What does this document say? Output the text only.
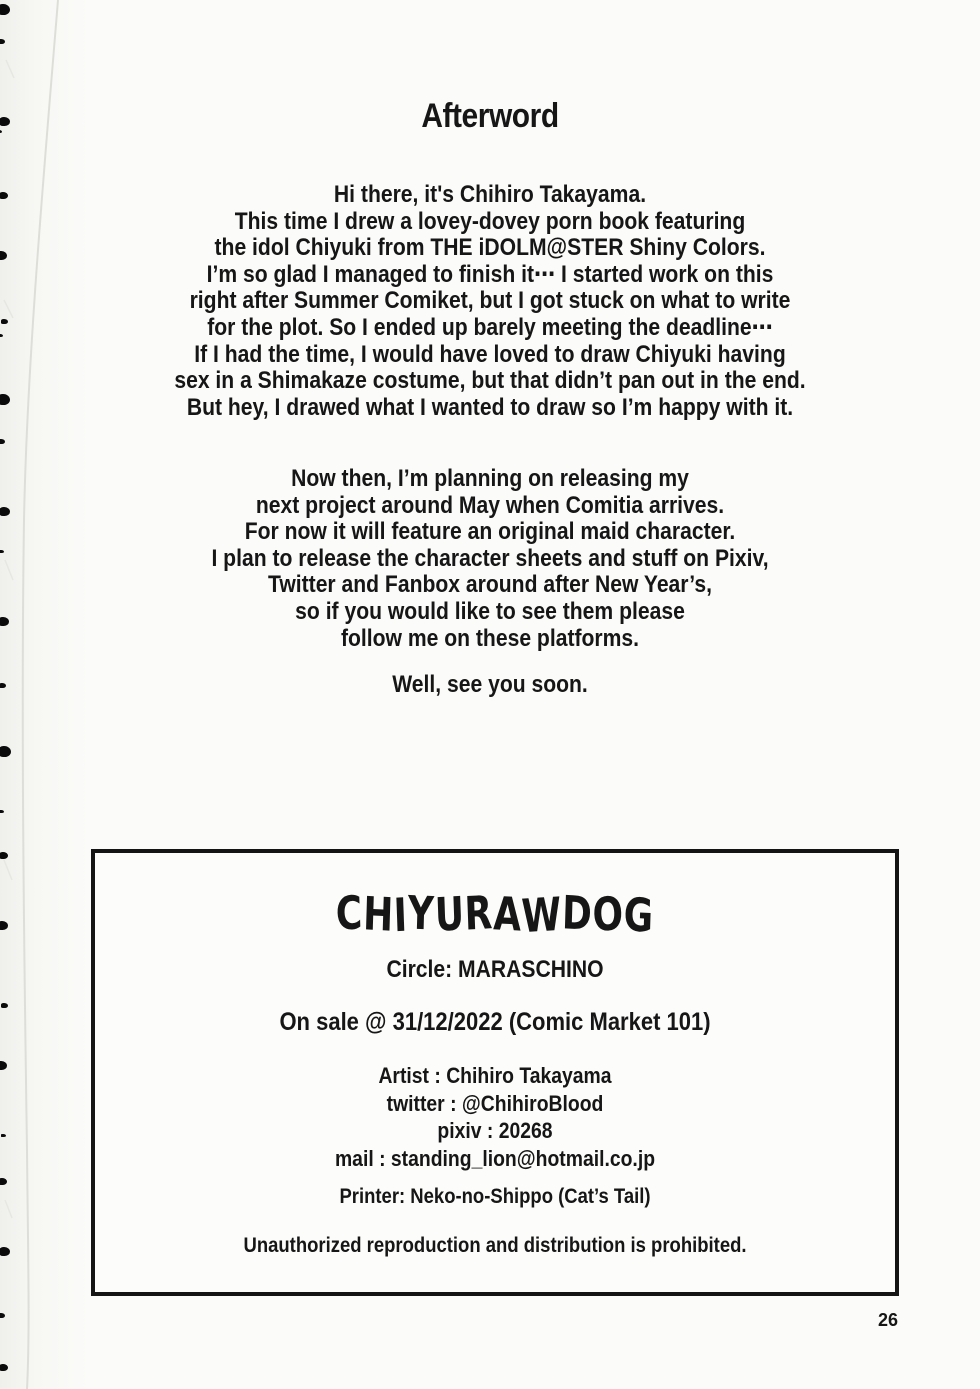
Afterword
Hi there, it's Chihiro Takayama.
This time I drew a lovey-dovey porn book featuring
the idol Chiyuki from THE iDOLM@STER Shiny Colors.
I’m so glad I managed to finish it⋯ I started work on this
right after Summer Comiket, but I got stuck on what to write
for the plot. So I ended up barely meeting the deadline⋯
If I had the time, I would have loved to draw Chiyuki having
sex in a Shimakaze costume, but that didn’t pan out in the end.
But hey, I drawed what I wanted to draw so I’m happy with it.
Now then, I’m planning on releasing my
next project around May when Comitia arrives.
For now it will feature an original maid character.
I plan to release the character sheets and stuff on Pixiv,
Twitter and Fanbox around after New Year’s,
so if you would like to see them please
follow me on these platforms.
Well, see you soon.
CHIYURAWDOG
Circle: MARASCHINO
On sale @ 31/12/2022 (Comic Market 101)
Artist : Chihiro Takayama
twitter : @ChihiroBlood
pixiv : 20268
mail : standing_lion@hotmail.co.jp
Printer: Neko-no-Shippo (Cat’s Tail)
Unauthorized reproduction and distribution is prohibited.
26
